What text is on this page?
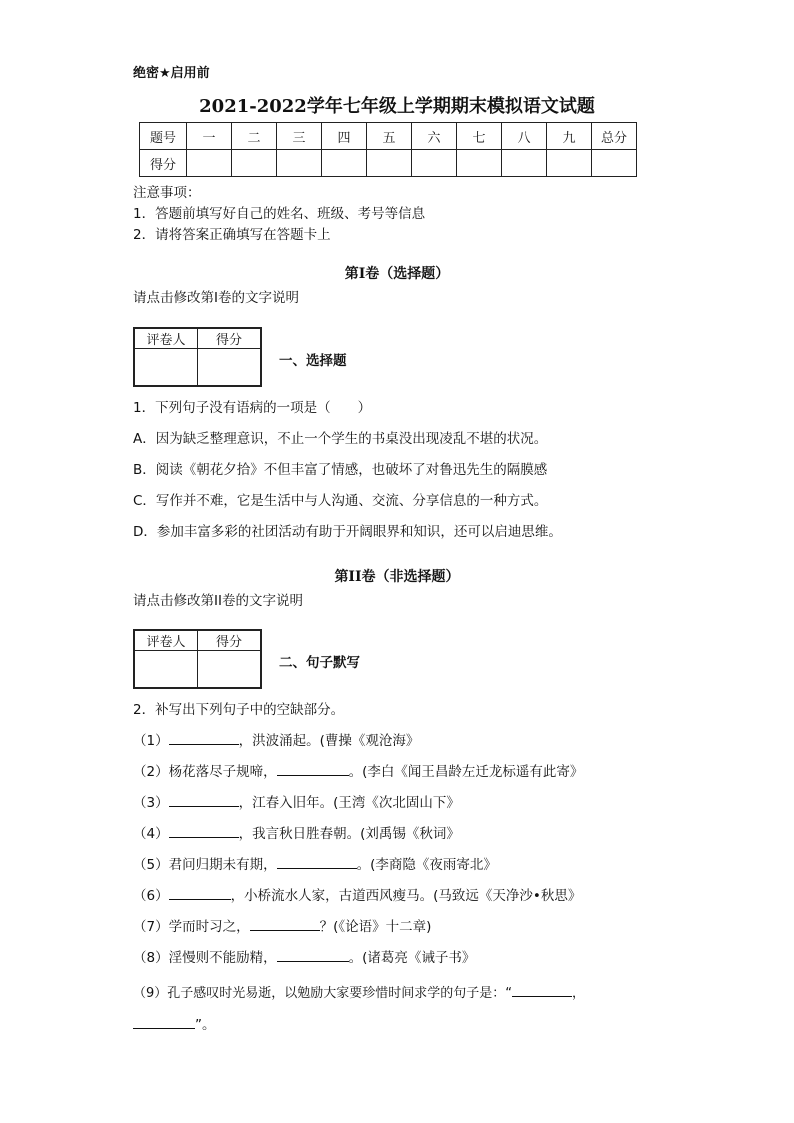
绝密★启用前
2021-2022学年七年级上学期期末模拟语文试题
题号	一	二	三	四	五	六	七	八	九	总分
得分										
注意事项：
1．答题前填写好自己的姓名、班级、考号等信息
2．请将答案正确填写在答题卡上
第I卷（选择题）
请点击修改第I卷的文字说明
评卷人	得分

一、选择题
1．下列句子没有语病的一项是（　　）
A．因为缺乏整理意识，不止一个学生的书桌没出现凌乱不堪的状况。
B．阅读《朝花夕拾》不但丰富了情感，也破坏了对鲁迅先生的隔膜感
C．写作并不难，它是生活中与人沟通、交流、分享信息的一种方式。
D．参加丰富多彩的社团活动有助于开阔眼界和知识，还可以启迪思维。
第II卷（非选择题）
请点击修改第II卷的文字说明
评卷人	得分

二、句子默写
2．补写出下列句子中的空缺部分。
（1）	，洪波涌起。(曹操《观沧海》
（2）杨花落尽子规啼，	。(李白《闻王昌龄左迁龙标遥有此寄》
（3）	，江春入旧年。(王湾《次北固山下》
（4）	，我言秋日胜春朝。(刘禹锡《秋词》
（5）君问归期未有期，	。(李商隐《夜雨寄北》
（6）	，小桥流水人家，古道西风瘦马。(马致远《天净沙•秋思》
（7）学而时习之，	？(《论语》十二章)
（8）淫慢则不能励精，	。(诸葛亮《诫子书》
（9）孔子感叹时光易逝，以勉励大家要珍惜时间求学的句子是：“	，
”。
